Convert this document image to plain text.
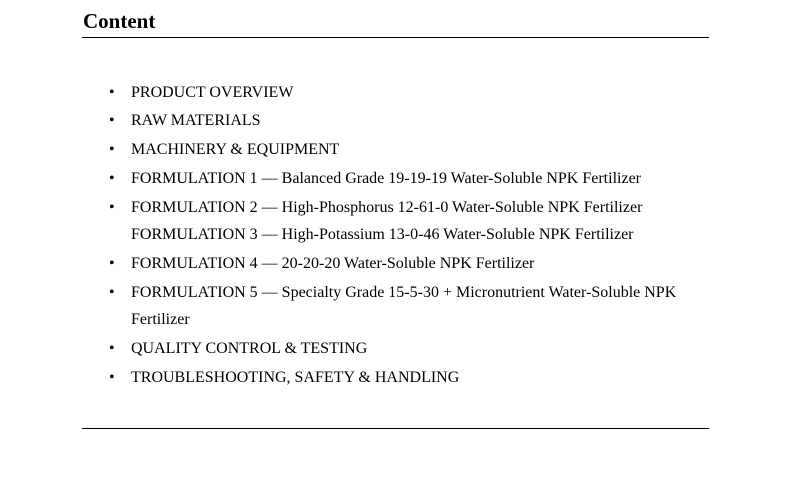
Content
• PRODUCT OVERVIEW
• RAW MATERIALS
• MACHINERY & EQUIPMENT
• FORMULATION 1 — Balanced Grade 19-19-19 Water-Soluble NPK Fertilizer
• FORMULATION 2 — High-Phosphorus 12-61-0 Water-Soluble NPK Fertilizer
FORMULATION 3 — High-Potassium 13-0-46 Water-Soluble NPK Fertilizer
• FORMULATION 4 — 20-20-20 Water-Soluble NPK Fertilizer
• FORMULATION 5 — Specialty Grade 15-5-30 + Micronutrient Water-Soluble NPK Fertilizer
• QUALITY CONTROL & TESTING
• TROUBLESHOOTING, SAFETY & HANDLING
